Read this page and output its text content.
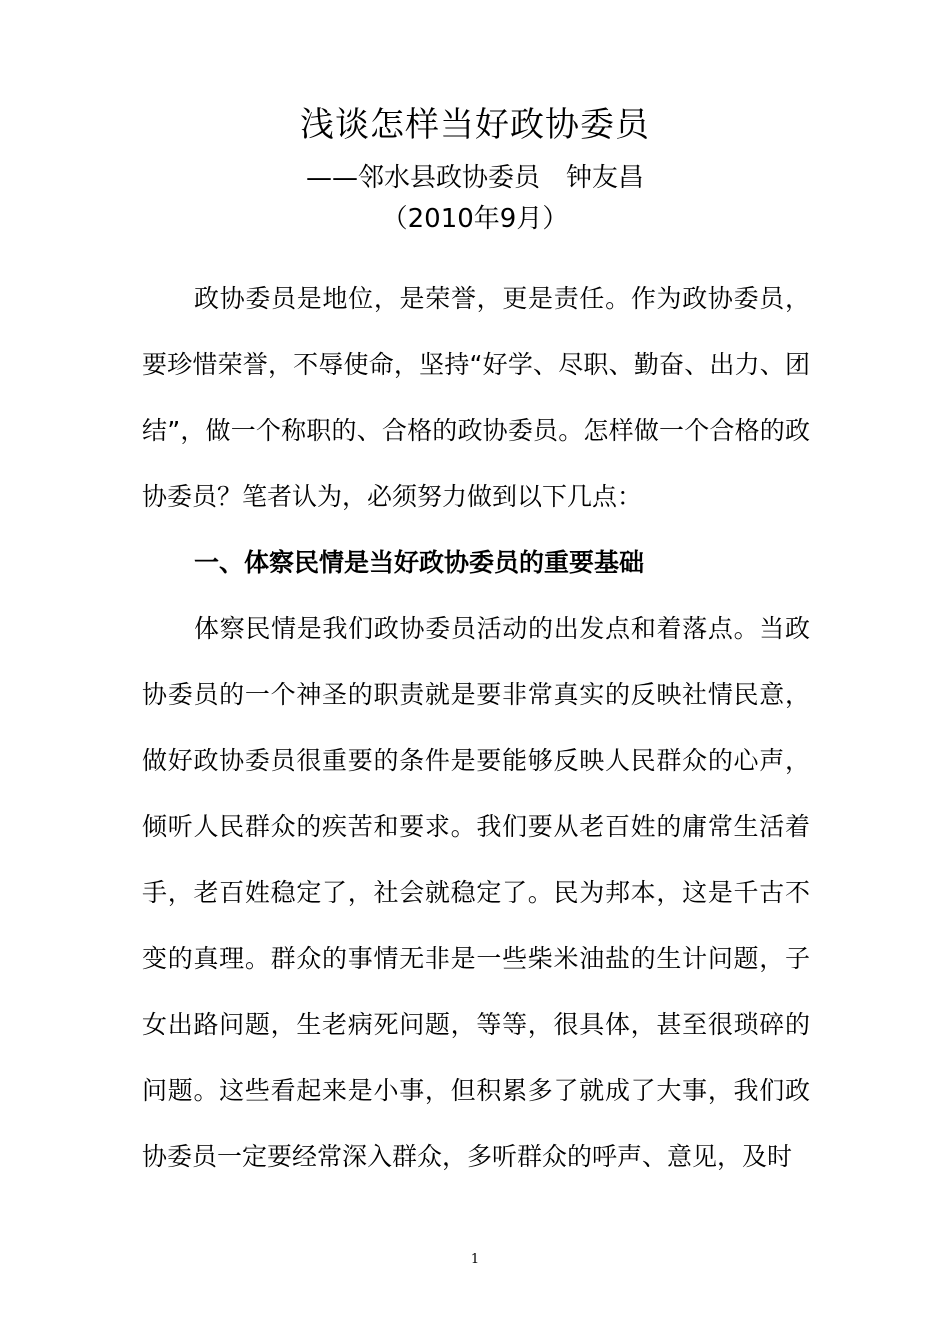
浅谈怎样当好政协委员
——邻水县政协委员　钟友昌
（2010年9月）

政协委员是地位，是荣誉，更是责任。作为政协委员，要珍惜荣誉，不辱使命，坚持“好学、尽职、勤奋、出力、团结”，做一个称职的、合格的政协委员。怎样做一个合格的政协委员？笔者认为，必须努力做到以下几点：

一、体察民情是当好政协委员的重要基础

体察民情是我们政协委员活动的出发点和着落点。当政协委员的一个神圣的职责就是要非常真实的反映社情民意，做好政协委员很重要的条件是要能够反映人民群众的心声，倾听人民群众的疾苦和要求。我们要从老百姓的庸常生活着手，老百姓稳定了，社会就稳定了。民为邦本，这是千古不变的真理。群众的事情无非是一些柴米油盐的生计问题，子女出路问题，生老病死问题，等等，很具体，甚至很琐碎的问题。这些看起来是小事，但积累多了就成了大事，我们政协委员一定要经常深入群众，多听群众的呼声、意见，及时

1
